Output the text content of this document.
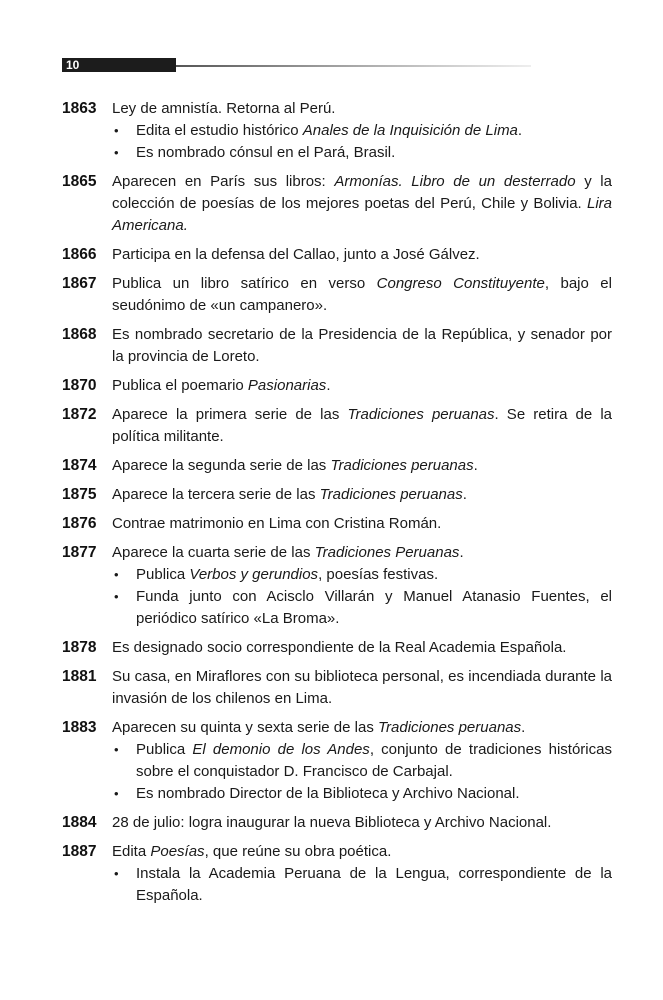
10
1863	Ley de amnistía. Retorna al Perú.
•	Edita el estudio histórico Anales de la Inquisición de Lima.
•	Es nombrado cónsul en el Pará, Brasil.
1865	Aparecen en París sus libros: Armonías. Libro de un desterrado y la colección de poesías de los mejores poetas del Perú, Chile y Bolivia. Lira Americana.
1866	Participa en la defensa del Callao, junto a José Gálvez.
1867	Publica un libro satírico en verso Congreso Constituyente, bajo el seudónimo de «un campanero».
1868	Es nombrado secretario de la Presidencia de la República, y senador por la provincia de Loreto.
1870	Publica el poemario Pasionarias.
1872	Aparece la primera serie de las Tradiciones peruanas. Se retira de la política militante.
1874	Aparece la segunda serie de las Tradiciones peruanas.
1875	Aparece la tercera serie de las Tradiciones peruanas.
1876	Contrae matrimonio en Lima con Cristina Román.
1877	Aparece la cuarta serie de las Tradiciones Peruanas.
•	Publica Verbos y gerundios, poesías festivas.
•	Funda junto con Acisclo Villarán y Manuel Atanasio Fuentes, el periódico satírico «La Broma».
1878	Es designado socio correspondiente de la Real Academia Española.
1881	Su casa, en Miraflores con su biblioteca personal, es incendiada durante la invasión de los chilenos en Lima.
1883	Aparecen su quinta y sexta serie de las Tradiciones peruanas.
•	Publica El demonio de los Andes, conjunto de tradiciones históricas sobre el conquistador D. Francisco de Carbajal.
•	Es nombrado Director de la Biblioteca y Archivo Nacional.
1884	28 de julio: logra inaugurar la nueva Biblioteca y Archivo Nacional.
1887	Edita Poesías, que reúne su obra poética.
•	Instala la Academia Peruana de la Lengua, correspondiente de la Española.
